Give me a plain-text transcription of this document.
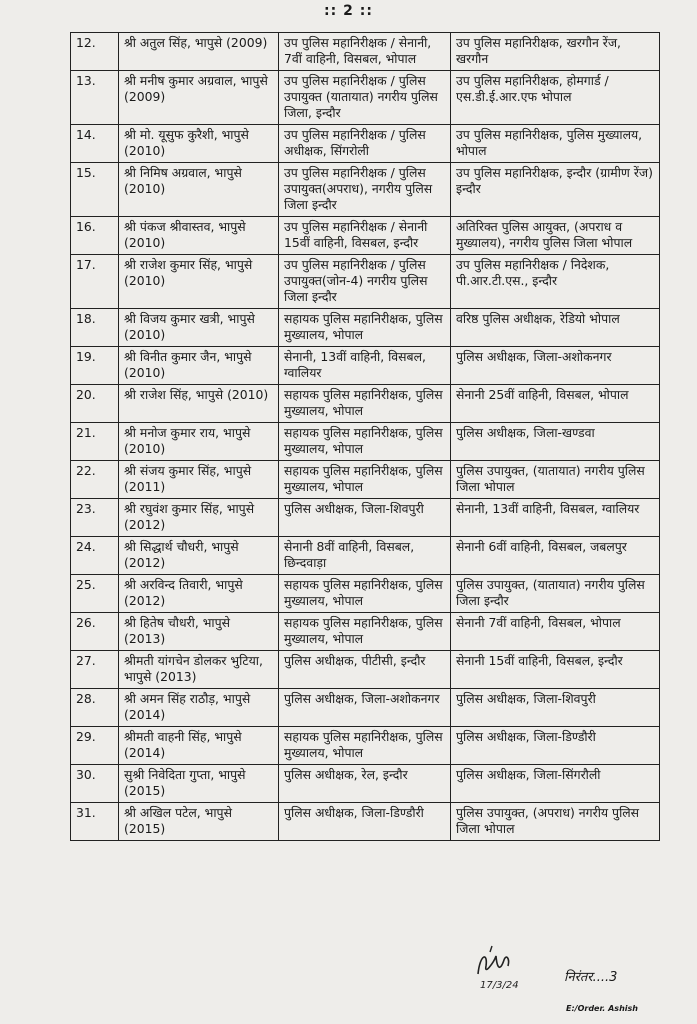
:: 2 ::
12.	श्री अतुल सिंह, भापुसे (2009)	उप पुलिस महानिरीक्षक / सेनानी, 7वीं वाहिनी, विसबल, भोपाल	उप पुलिस महानिरीक्षक, खरगौन रेंज, खरगौन
13.	श्री मनीष कुमार अग्रवाल, भापुसे (2009)	उप पुलिस महानिरीक्षक / पुलिस उपायुक्त (यातायात) नगरीय पुलिस जिला, इन्दौर	उप पुलिस महानिरीक्षक, होमगार्ड / एस.डी.ई.आर.एफ भोपाल
14.	श्री मो. यूसुफ कुरैशी, भापुसे (2010)	उप पुलिस महानिरीक्षक / पुलिस अधीक्षक, सिंगरोली	उप पुलिस महानिरीक्षक, पुलिस मुख्यालय, भोपाल
15.	श्री निमिष अग्रवाल, भापुसे (2010)	उप पुलिस महानिरीक्षक / पुलिस उपायुक्त(अपराध), नगरीय पुलिस जिला इन्दौर	उप पुलिस महानिरीक्षक, इन्दौर (ग्रामीण रेंज) इन्दौर
16.	श्री पंकज श्रीवास्तव, भापुसे (2010)	उप पुलिस महानिरीक्षक / सेनानी 15वीं वाहिनी, विसबल, इन्दौर	अतिरिक्त पुलिस आयुक्त, (अपराध व मुख्यालय), नगरीय पुलिस जिला भोपाल
17.	श्री राजेश कुमार सिंह, भापुसे (2010)	उप पुलिस महानिरीक्षक / पुलिस उपायुक्त(जोन-4) नगरीय पुलिस जिला इन्दौर	उप पुलिस महानिरीक्षक / निदेशक, पी.आर.टी.एस., इन्दौर
18.	श्री विजय कुमार खत्री, भापुसे (2010)	सहायक पुलिस महानिरीक्षक, पुलिस मुख्यालय, भोपाल	वरिष्ठ पुलिस अधीक्षक, रेडियो भोपाल
19.	श्री विनीत कुमार जैन, भापुसे (2010)	सेनानी, 13वीं वाहिनी, विसबल, ग्वालियर	पुलिस अधीक्षक, जिला-अशोकनगर
20.	श्री राजेश सिंह, भापुसे (2010)	सहायक पुलिस महानिरीक्षक, पुलिस मुख्यालय, भोपाल	सेनानी 25वीं वाहिनी, विसबल, भोपाल
21.	श्री मनोज कुमार राय, भापुसे (2010)	सहायक पुलिस महानिरीक्षक, पुलिस मुख्यालय, भोपाल	पुलिस अधीक्षक, जिला-खण्डवा
22.	श्री संजय कुमार सिंह, भापुसे (2011)	सहायक पुलिस महानिरीक्षक, पुलिस मुख्यालय, भोपाल	पुलिस उपायुक्त, (यातायात) नगरीय पुलिस जिला भोपाल
23.	श्री रघुवंश कुमार सिंह, भापुसे (2012)	पुलिस अधीक्षक, जिला-शिवपुरी	सेनानी, 13वीं वाहिनी, विसबल, ग्वालियर
24.	श्री सिद्धार्थ चौधरी, भापुसे (2012)	सेनानी 8वीं वाहिनी, विसबल, छिन्दवाड़ा	सेनानी 6वीं वाहिनी, विसबल, जबलपुर
25.	श्री अरविन्द तिवारी, भापुसे (2012)	सहायक पुलिस महानिरीक्षक, पुलिस मुख्यालय, भोपाल	पुलिस उपायुक्त, (यातायात) नगरीय पुलिस जिला इन्दौर
26.	श्री हितेष चौधरी, भापुसे (2013)	सहायक पुलिस महानिरीक्षक, पुलिस मुख्यालय, भोपाल	सेनानी 7वीं वाहिनी, विसबल, भोपाल
27.	श्रीमती यांगचेन डोलकर भुटिया, भापुसे (2013)	पुलिस अधीक्षक, पीटीसी, इन्दौर	सेनानी 15वीं वाहिनी, विसबल, इन्दौर
28.	श्री अमन सिंह राठौड़, भापुसे (2014)	पुलिस अधीक्षक, जिला-अशोकनगर	पुलिस अधीक्षक, जिला-शिवपुरी
29.	श्रीमती वाहनी सिंह, भापुसे (2014)	सहायक पुलिस महानिरीक्षक, पुलिस मुख्यालय, भोपाल	पुलिस अधीक्षक, जिला-डिण्डौरी
30.	सुश्री निवेदिता गुप्ता, भापुसे (2015)	पुलिस अधीक्षक, रेल, इन्दौर	पुलिस अधीक्षक, जिला-सिंगरौली
31.	श्री अखिल पटेल, भापुसे (2015)	पुलिस अधीक्षक, जिला-डिण्डौरी	पुलिस उपायुक्त, (अपराध) नगरीय पुलिस जिला भोपाल
17/3/24
निरंतर....3
E:/Order. Ashish
